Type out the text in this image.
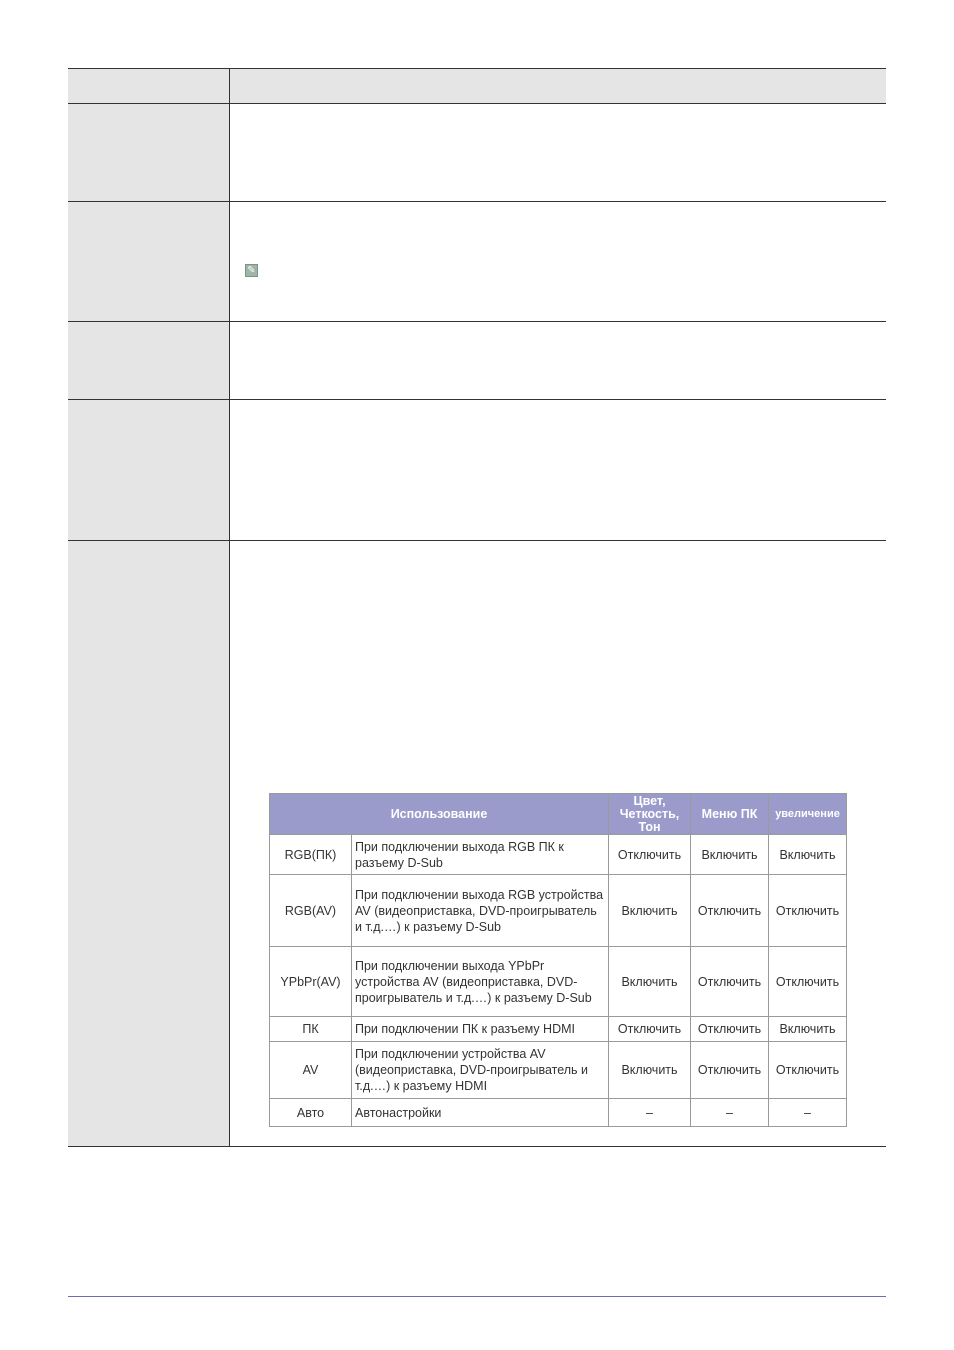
✎
Использование		Цвет,
Четкость,
Тон	Меню ПК	увеличение
RGB(ПК)	При подключении выхода RGB ПК к разъему D-Sub	Отключить	Включить	Включить
RGB(AV)	При подключении выхода RGB устройства AV (видеоприставка, DVD-проигрыватель и т.д.…) к разъему D-Sub	Включить	Отключить	Отключить
YPbPr(AV)	При подключении выхода YPbPr устройства AV (видеоприставка, DVD-проигрыватель и т.д.…) к разъему D-Sub	Включить	Отключить	Отключить
ПК	При подключении ПК к разъему HDMI	Отключить	Отключить	Включить
AV	При подключении устройства AV (видеоприставка, DVD-проигрыватель и т.д.…) к разъему HDMI	Включить	Отключить	Отключить
Авто	Автонастройки	–	–	–
